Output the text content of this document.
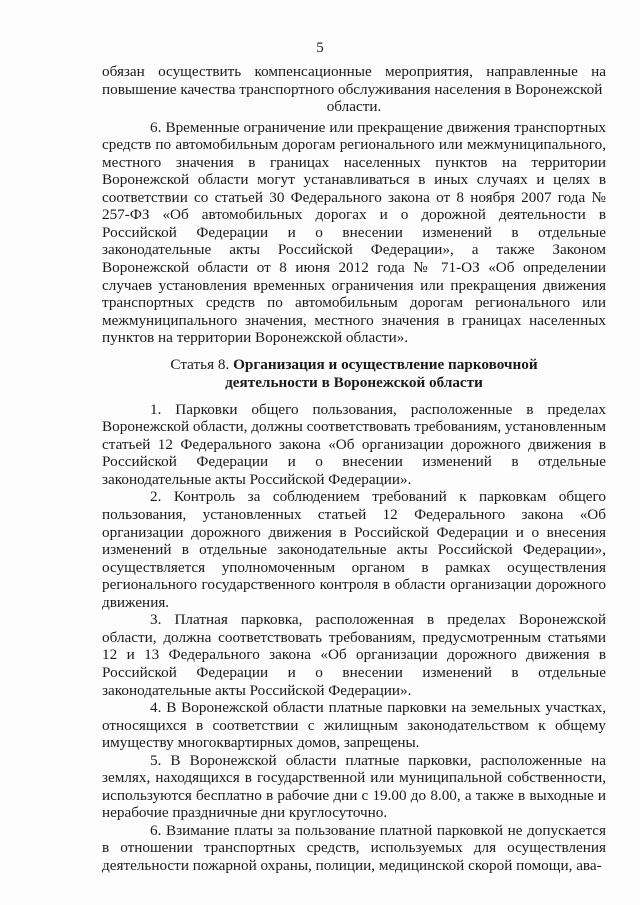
5

обязан осуществить компенсационные мероприятия, направленные на повышение качества транспортного обслуживания населения в Воронежской

области.

6. Временные ограничение или прекращение движения транспортных средств по автомобильным дорогам регионального или межмуниципального, местного значения в границах населенных пунктов на территории Воронежской области могут устанавливаться в иных случаях и целях в соответствии со статьей 30 Федерального закона от 8 ноября 2007 года № 257-ФЗ «Об автомобильных дорогах и о дорожной деятельности в Российской Федерации и о внесении изменений в отдельные законодательные акты Российской Федерации», а также Законом Воронежской области от 8 июня 2012 года № 71-ОЗ «Об определении случаев установления временных ограничения или прекращения движения транспортных средств по автомобильным дорогам регионального или межмуниципального значения, местного значения в границах населенных пунктов на территории Воронежской области».

Статья 8. Организация и осуществление парковочной
деятельности в Воронежской области

1. Парковки общего пользования, расположенные в пределах Воронежской области, должны соответствовать требованиям, установленным статьей 12 Федерального закона «Об организации дорожного движения в Российской Федерации и о внесении изменений в отдельные законодательные акты Российской Федерации».

2. Контроль за соблюдением требований к парковкам общего пользования, установленных статьей 12 Федерального закона «Об организации дорожного движения в Российской Федерации и о внесения изменений в отдельные законодательные акты Российской Федерации», осуществляется уполномоченным органом в рамках осуществления регионального государственного контроля в области организации дорожного движения.

3. Платная парковка, расположенная в пределах Воронежской области, должна соответствовать требованиям, предусмотренным статьями 12 и 13 Федерального закона «Об организации дорожного движения в Российской Федерации и о внесении изменений в отдельные законодательные акты Российской Федерации».

4. В Воронежской области платные парковки на земельных участках, относящихся в соответствии с жилищным законодательством к общему имуществу многоквартирных домов, запрещены.

5. В Воронежской области платные парковки, расположенные на землях, находящихся в государственной или муниципальной собственности, используются бесплатно в рабочие дни с 19.00 до 8.00, а также в выходные и нерабочие праздничные дни круглосуточно.

6. Взимание платы за пользование платной парковкой не допускается в отношении транспортных средств, используемых для осуществления деятельности пожарной охраны, полиции, медицинской скорой помощи, ава-
